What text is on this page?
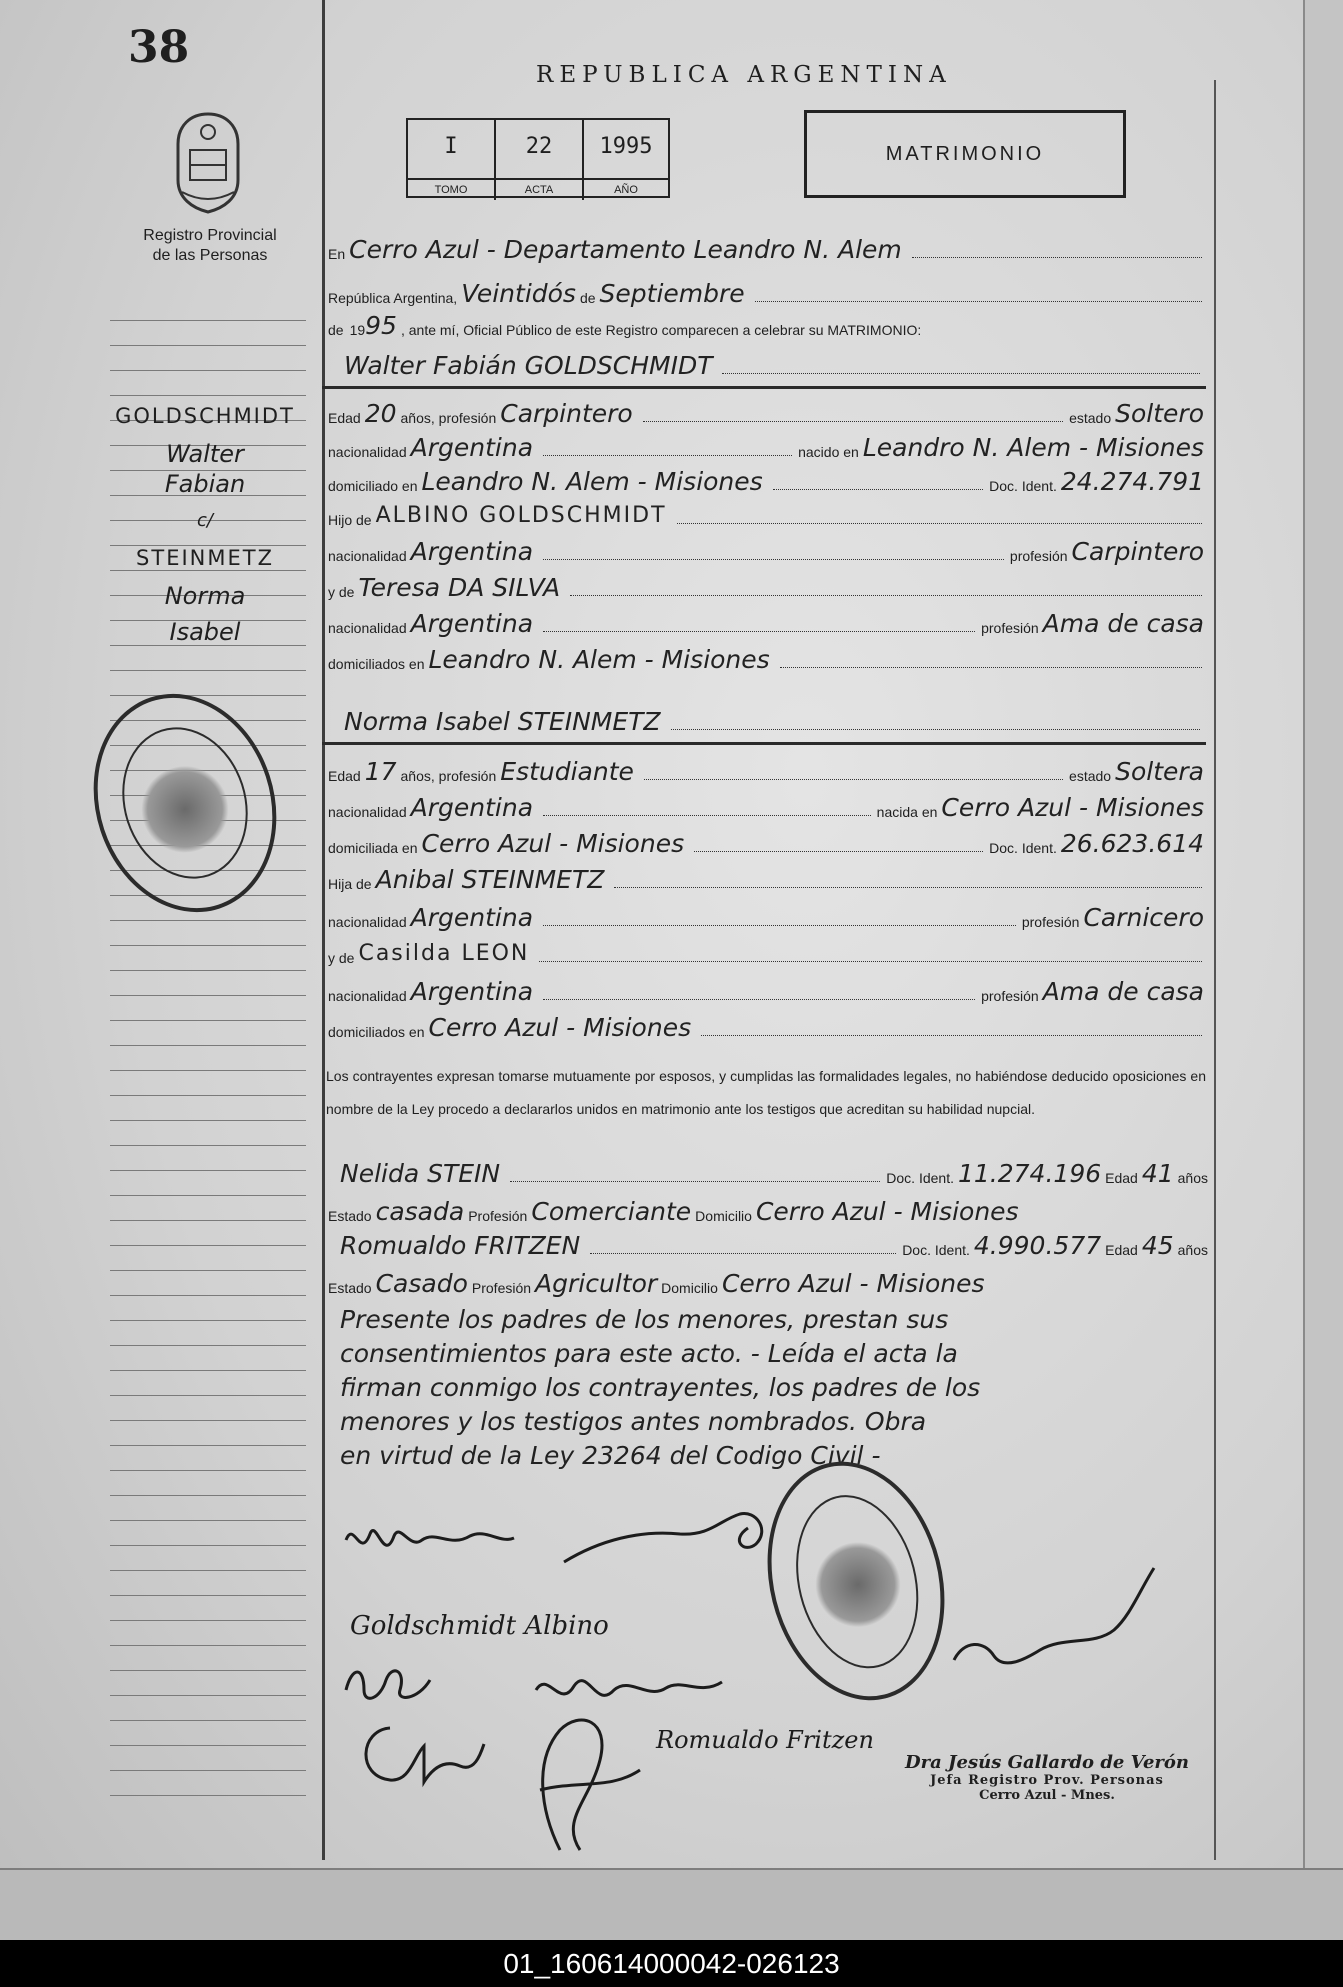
38
Registro Provincial
de las Personas
REPUBLICA ARGENTINA
I
TOMO
22
ACTA
1995
AÑO
MATRIMONIO
En Cerro Azul - Departamento Leandro N. Alem
República Argentina, Veintidós de Septiembre
de 19 95 , ante mí, Oficial Público de este Registro comparecen a celebrar su MATRIMONIO:
Walter Fabián GOLDSCHMIDT
Edad 20 años, profesión Carpintero	estado Soltero
nacionalidad Argentina	nacido en Leandro N. Alem - Misiones
domiciliado en Leandro N. Alem - Misiones	Doc. Ident. 24.274.791
Hijo de ALBINO GOLDSCHMIDT
nacionalidad Argentina	profesión Carpintero
y de Teresa DA SILVA
nacionalidad Argentina	profesión Ama de casa
domiciliados en Leandro N. Alem - Misiones
Norma Isabel STEINMETZ
Edad 17 años, profesión Estudiante	estado Soltera
nacionalidad Argentina	nacida en Cerro Azul - Misiones
domiciliada en Cerro Azul - Misiones	Doc. Ident. 26.623.614
Hija de Anibal STEINMETZ
nacionalidad Argentina	profesión Carnicero
y de Casilda LEON
nacionalidad Argentina	profesión Ama de casa
domiciliados en Cerro Azul - Misiones
Los contrayentes expresan tomarse mutuamente por esposos, y cumplidas las formalidades legales, no habiéndose deducido oposiciones en nombre de la Ley procedo a declararlos unidos en matrimonio ante los testigos que acreditan su habilidad nupcial.
Nelida STEIN	Doc. Ident. 11.274.196 Edad 41 años
Estado casada Profesión Comerciante Domicilio Cerro Azul - Misiones
Romualdo FRITZEN	Doc. Ident. 4.990.577 Edad 45 años
Estado Casado Profesión Agricultor Domicilio Cerro Azul - Misiones
Presente los padres de los menores, prestan sus
consentimientos para este acto. - Leída el acta la
firman conmigo los contrayentes, los padres de los
menores y los testigos antes nombrados. Obra
en virtud de la Ley 23264 del Codigo Civil -
GOLDSCHMIDT
Walter
Fabian
c/
STEINMETZ
Norma
Isabel
Goldschmidt Albino
Romualdo Fritzen
Dra Jesús Gallardo de Verón
Jefa Registro Prov. Personas
Cerro Azul - Mnes.
01_160614000042-026123
